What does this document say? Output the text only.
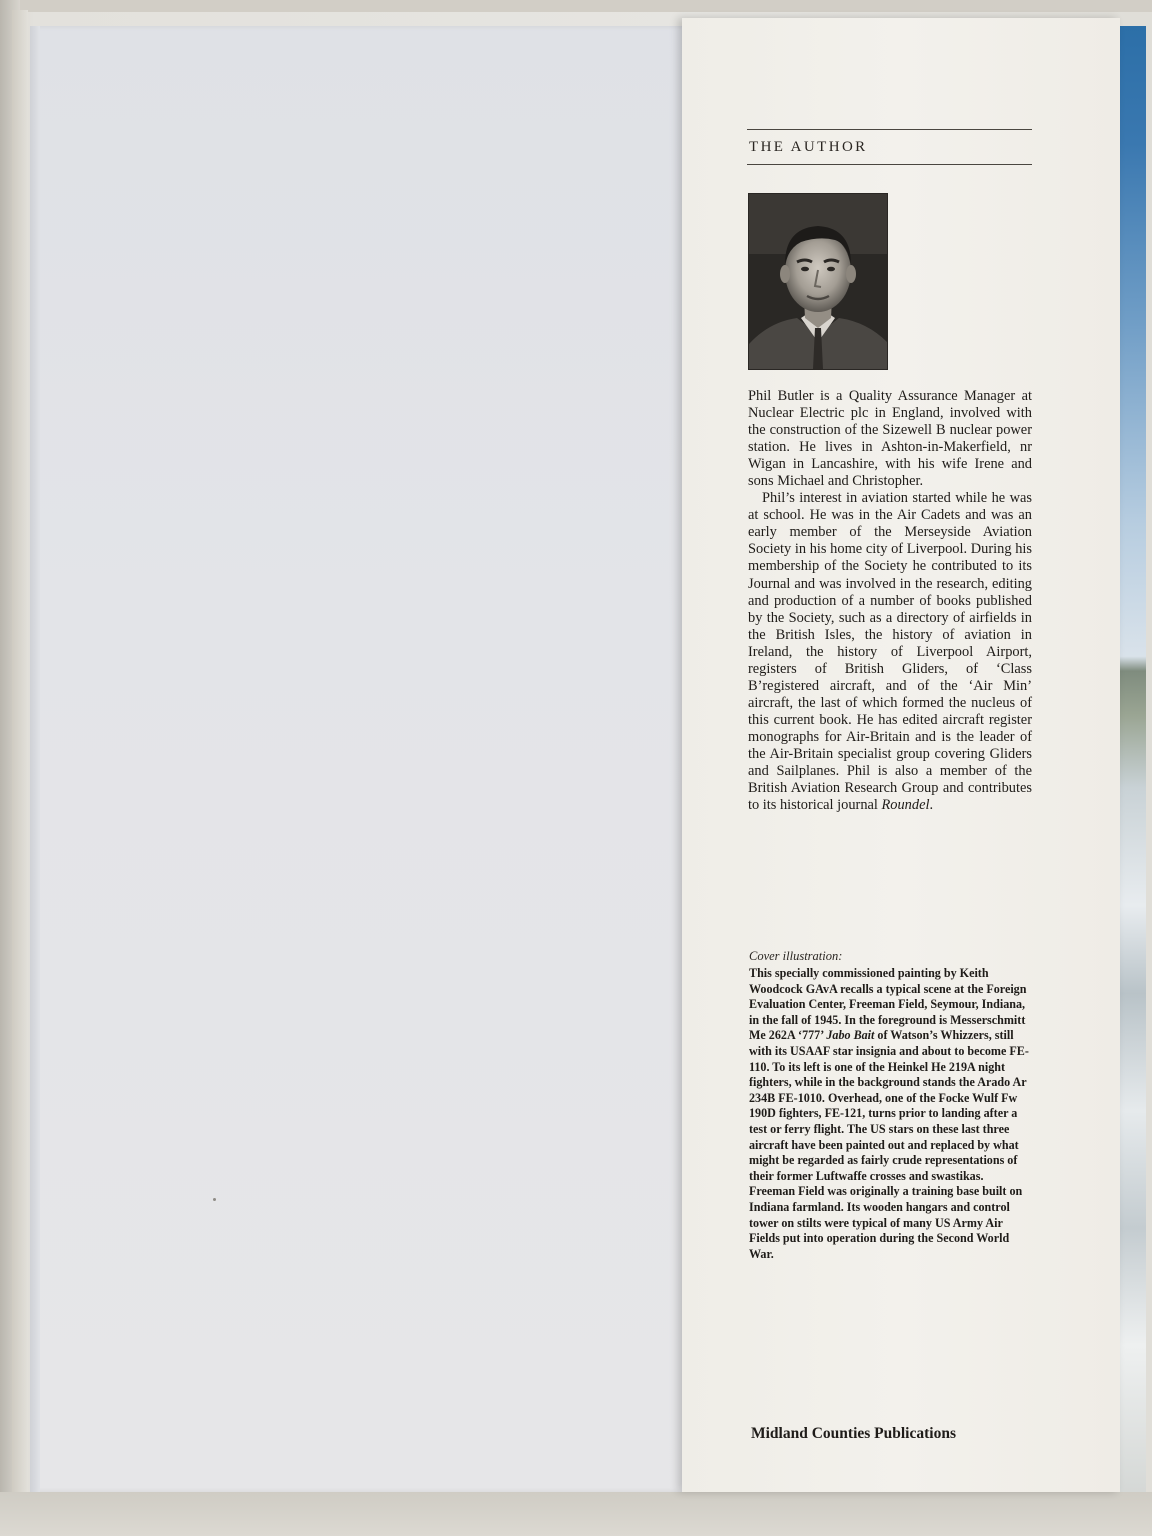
THE AUTHOR

Phil Butler is a Quality Assurance Manager at Nuclear Electric plc in England, involved with the construction of the Sizewell B nuclear power station. He lives in Ashton-in-Makerfield, nr Wigan in Lancashire, with his wife Irene and sons Michael and Christopher.

Phil’s interest in aviation started while he was at school. He was in the Air Cadets and was an early member of the Merseyside Aviation Society in his home city of Liverpool. During his membership of the Society he contributed to its Journal and was involved in the research, editing and production of a number of books published by the Society, such as a directory of airfields in the British Isles, the history of aviation in Ireland, the history of Liverpool Airport, registers of British Gliders, of ‘Class B’registered aircraft, and of the ‘Air Min’ aircraft, the last of which formed the nucleus of this current book. He has edited aircraft register monographs for Air-Britain and is the leader of the Air-Britain specialist group covering Gliders and Sailplanes. Phil is also a member of the British Aviation Research Group and contributes to its historical journal Roundel.

Cover illustration:
This specially commissioned painting by Keith Woodcock GAvA recalls a typical scene at the Foreign Evaluation Center, Freeman Field, Seymour, Indiana, in the fall of 1945. In the foreground is Messerschmitt Me 262A ‘777’ Jabo Bait of Watson’s Whizzers, still with its USAAF star insignia and about to become FE-110. To its left is one of the Heinkel He 219A night fighters, while in the background stands the Arado Ar 234B FE-1010. Overhead, one of the Focke Wulf Fw 190D fighters, FE-121, turns prior to landing after a test or ferry flight. The US stars on these last three aircraft have been painted out and replaced by what might be regarded as fairly crude representations of their former Luftwaffe crosses and swastikas. Freeman Field was originally a training base built on Indiana farmland. Its wooden hangars and control tower on stilts were typical of many US Army Air Fields put into operation during the Second World War.
Midland Counties Publications
